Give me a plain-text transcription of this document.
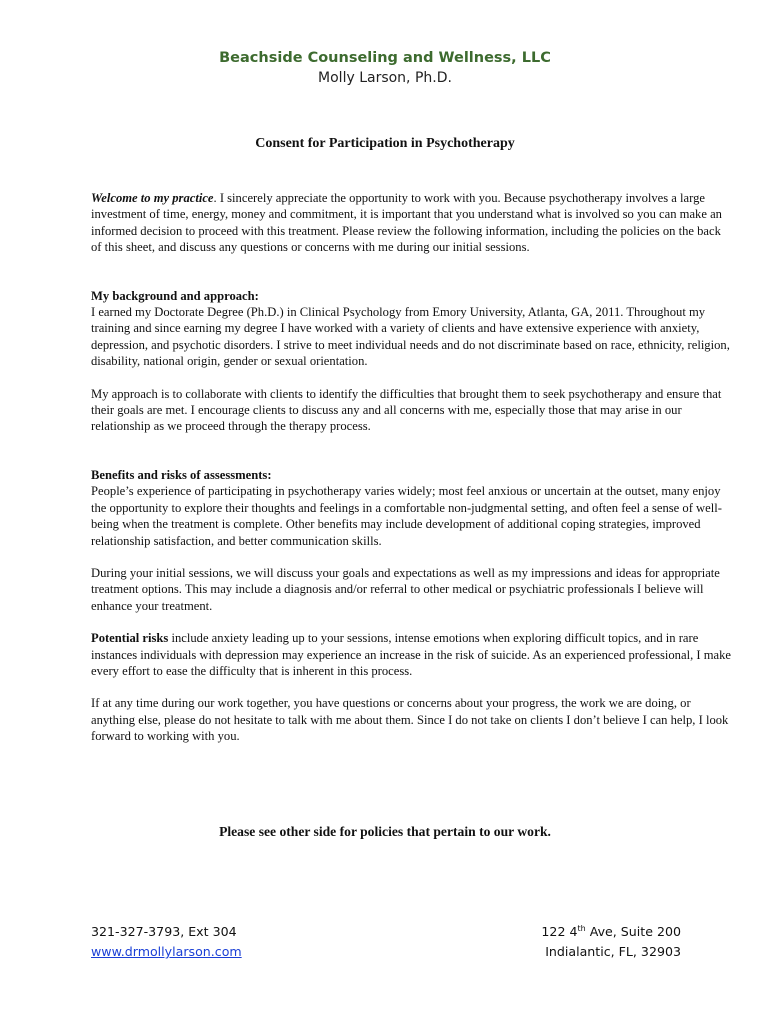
Beachside Counseling and Wellness, LLC
Molly Larson, Ph.D.
Consent for Participation in Psychotherapy

Welcome to my practice. I sincerely appreciate the opportunity to work with you. Because psychotherapy involves a large investment of time, energy, money and commitment, it is important that you understand what is involved so you can make an informed decision to proceed with this treatment. Please review the following information, including the policies on the back of this sheet, and discuss any questions or concerns with me during our initial sessions.

My background and approach:

I earned my Doctorate Degree (Ph.D.) in Clinical Psychology from Emory University, Atlanta, GA, 2011. Throughout my training and since earning my degree I have worked with a variety of clients and have extensive experience with anxiety, depression, and psychotic disorders. I strive to meet individual needs and do not discriminate based on race, ethnicity, religion, disability, national origin, gender or sexual orientation.

My approach is to collaborate with clients to identify the difficulties that brought them to seek psychotherapy and ensure that their goals are met. I encourage clients to discuss any and all concerns with me, especially those that may arise in our relationship as we proceed through the therapy process.

Benefits and risks of assessments:

People’s experience of participating in psychotherapy varies widely; most feel anxious or uncertain at the outset, many enjoy the opportunity to explore their thoughts and feelings in a comfortable non-judgmental setting, and often feel a sense of well-being when the treatment is complete. Other benefits may include development of additional coping strategies, improved relationship satisfaction, and better communication skills.

During your initial sessions, we will discuss your goals and expectations as well as my impressions and ideas for appropriate treatment options. This may include a diagnosis and/or referral to other medical or psychiatric professionals I believe will enhance your treatment.

Potential risks include anxiety leading up to your sessions, intense emotions when exploring difficult topics, and in rare instances individuals with depression may experience an increase in the risk of suicide. As an experienced professional, I make every effort to ease the difficulty that is inherent in this process.

If at any time during our work together, you have questions or concerns about your progress, the work we are doing, or anything else, please do not hesitate to talk with me about them. Since I do not take on clients I don’t believe I can help, I look forward to working with you.

Please see other side for policies that pertain to our work.
321-327-3793, Ext 304
www.drmollylarson.com
122 4th Ave, Suite 200
Indialantic, FL, 32903
